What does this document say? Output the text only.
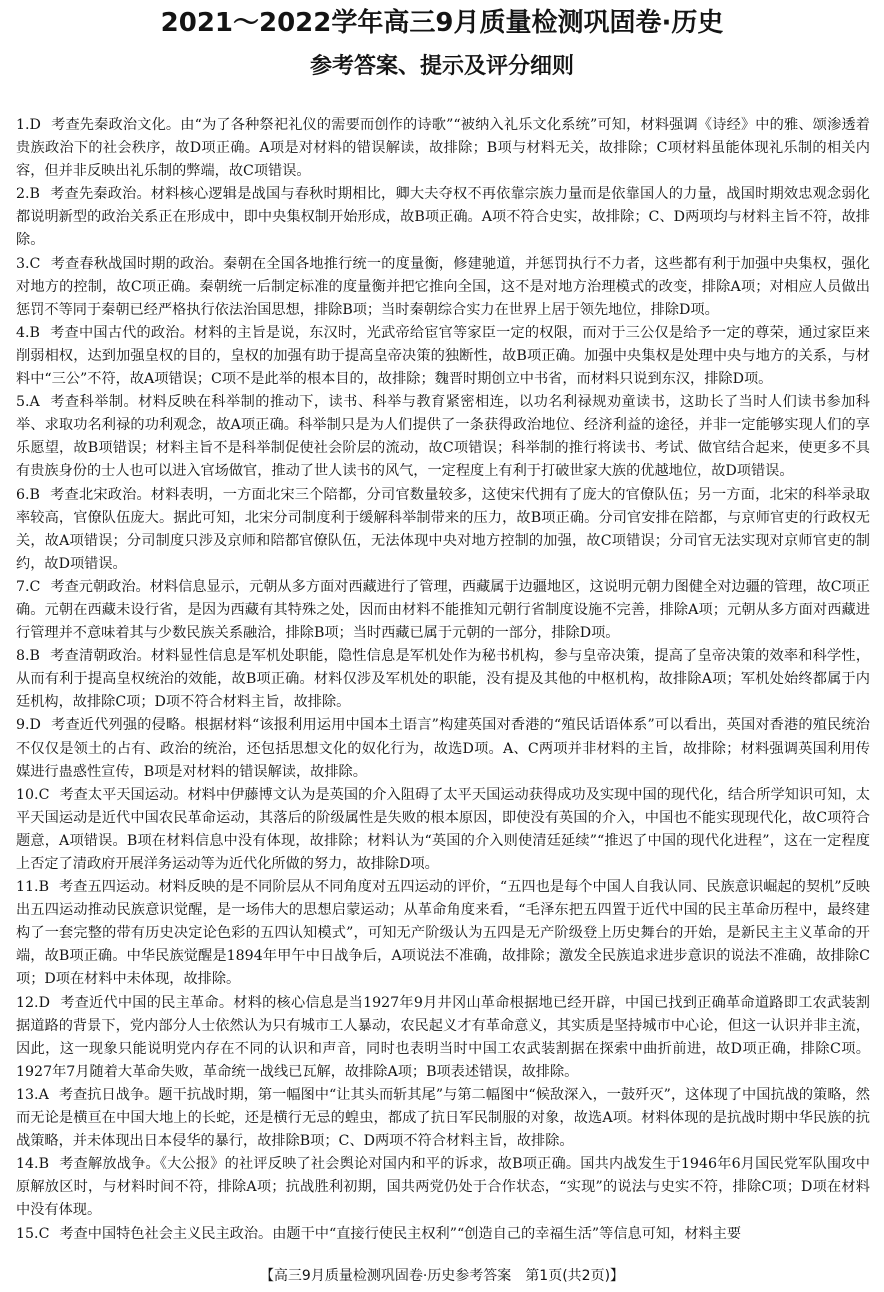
2021～2022学年高三9月质量检测巩固卷·历史
参考答案、提示及评分细则

1.D 考查先秦政治文化。由“为了各种祭祀礼仪的需要而创作的诗歌”“被纳入礼乐文化系统”可知，材料强调《诗经》中的雅、颂渗透着贵族政治下的社会秩序，故D项正确。A项是对材料的错误解读，故排除；B项与材料无关，故排除；C项材料虽能体现礼乐制的相关内容，但并非反映出礼乐制的弊端，故C项错误。

2.B 考查先秦政治。材料核心逻辑是战国与春秋时期相比，卿大夫夺权不再依靠宗族力量而是依靠国人的力量，战国时期效忠观念弱化都说明新型的政治关系正在形成中，即中央集权制开始形成，故B项正确。A项不符合史实，故排除；C、D两项均与材料主旨不符，故排除。

3.C 考查春秋战国时期的政治。秦朝在全国各地推行统一的度量衡，修建驰道，并惩罚执行不力者，这些都有利于加强中央集权，强化对地方的控制，故C项正确。秦朝统一后制定标准的度量衡并把它推向全国，这不是对地方治理模式的改变，排除A项；对相应人员做出惩罚不等同于秦朝已经严格执行依法治国思想，排除B项；当时秦朝综合实力在世界上居于领先地位，排除D项。

4.B 考查中国古代的政治。材料的主旨是说，东汉时，光武帝给宦官等家臣一定的权限，而对于三公仅是给予一定的尊荣，通过家臣来削弱相权，达到加强皇权的目的，皇权的加强有助于提高皇帝决策的独断性，故B项正确。加强中央集权是处理中央与地方的关系，与材料中“三公”不符，故A项错误；C项不是此举的根本目的，故排除；魏晋时期创立中书省，而材料只说到东汉，排除D项。

5.A 考查科举制。材料反映在科举制的推动下，读书、科举与教育紧密相连，以功名利禄规劝童读书，这助长了当时人们读书参加科举、求取功名利禄的功利观念，故A项正确。科举制只是为人们提供了一条获得政治地位、经济利益的途径，并非一定能够实现人们的享乐愿望，故B项错误；材料主旨不是科举制促使社会阶层的流动，故C项错误；科举制的推行将读书、考试、做官结合起来，使更多不具有贵族身份的士人也可以进入官场做官，推动了世人读书的风气，一定程度上有利于打破世家大族的优越地位，故D项错误。

6.B 考查北宋政治。材料表明，一方面北宋三个陪都，分司官数量较多，这使宋代拥有了庞大的官僚队伍；另一方面，北宋的科举录取率较高，官僚队伍庞大。据此可知，北宋分司制度利于缓解科举制带来的压力，故B项正确。分司官安排在陪都，与京师官吏的行政权无关，故A项错误；分司制度只涉及京师和陪都官僚队伍，无法体现中央对地方控制的加强，故C项错误；分司官无法实现对京师官吏的制约，故D项错误。

7.C 考查元朝政治。材料信息显示，元朝从多方面对西藏进行了管理，西藏属于边疆地区，这说明元朝力图健全对边疆的管理，故C项正确。元朝在西藏未设行省，是因为西藏有其特殊之处，因而由材料不能推知元朝行省制度设施不完善，排除A项；元朝从多方面对西藏进行管理并不意味着其与少数民族关系融洽，排除B项；当时西藏已属于元朝的一部分，排除D项。

8.B 考查清朝政治。材料显性信息是军机处职能，隐性信息是军机处作为秘书机构，参与皇帝决策，提高了皇帝决策的效率和科学性，从而有利于提高皇权统治的效能，故B项正确。材料仅涉及军机处的职能，没有提及其他的中枢机构，故排除A项；军机处始终都属于内廷机构，故排除C项；D项不符合材料主旨，故排除。

9.D 考查近代列强的侵略。根据材料“该报利用运用中国本土语言”构建英国对香港的“殖民话语体系”可以看出，英国对香港的殖民统治不仅仅是领土的占有、政治的统治，还包括思想文化的奴化行为，故选D项。A、C两项并非材料的主旨，故排除；材料强调英国利用传媒进行蛊惑性宣传，B项是对材料的错误解读，故排除。

10.C 考查太平天国运动。材料中伊藤博文认为是英国的介入阻碍了太平天国运动获得成功及实现中国的现代化，结合所学知识可知，太平天国运动是近代中国农民革命运动，其落后的阶级属性是失败的根本原因，即使没有英国的介入，中国也不能实现现代化，故C项符合题意，A项错误。B项在材料信息中没有体现，故排除；材料认为“英国的介入则使清廷延续”“推迟了中国的现代化进程”，这在一定程度上否定了清政府开展洋务运动等为近代化所做的努力，故排除D项。

11.B 考查五四运动。材料反映的是不同阶层从不同角度对五四运动的评价，“五四也是每个中国人自我认同、民族意识崛起的契机”反映出五四运动推动民族意识觉醒，是一场伟大的思想启蒙运动；从革命角度来看，“毛泽东把五四置于近代中国的民主革命历程中，最终建构了一套完整的带有历史决定论色彩的五四认知模式”，可知无产阶级认为五四是无产阶级登上历史舞台的开始，是新民主主义革命的开端，故B项正确。中华民族觉醒是1894年甲午中日战争后，A项说法不准确，故排除；激发全民族追求进步意识的说法不准确，故排除C项；D项在材料中未体现，故排除。

12.D 考查近代中国的民主革命。材料的核心信息是当1927年9月井冈山革命根据地已经开辟，中国已找到正确革命道路即工农武装割据道路的背景下，党内部分人士依然认为只有城市工人暴动，农民起义才有革命意义，其实质是坚持城市中心论，但这一认识并非主流，因此，这一现象只能说明党内存在不同的认识和声音，同时也表明当时中国工农武装割据在探索中曲折前进，故D项正确，排除C项。1927年7月随着大革命失败，革命统一战线已瓦解，故排除A项；B项表述错误，故排除。

13.A 考查抗日战争。题干抗战时期，第一幅图中“让其头而斩其尾”与第二幅图中“候敌深入，一鼓歼灭”，这体现了中国抗战的策略，然而无论是横亘在中国大地上的长蛇，还是横行无忌的蝗虫，都成了抗日军民制服的对象，故选A项。材料体现的是抗战时期中华民族的抗战策略，并未体现出日本侵华的暴行，故排除B项；C、D两项不符合材料主旨，故排除。

14.B 考查解放战争。《大公报》的社评反映了社会舆论对国内和平的诉求，故B项正确。国共内战发生于1946年6月国民党军队围攻中原解放区时，与材料时间不符，排除A项；抗战胜利初期，国共两党仍处于合作状态，“实现”的说法与史实不符，排除C项；D项在材料中没有体现。

15.C 考查中国特色社会主义民主政治。由题干中“直接行使民主权利”“创造自己的幸福生活”等信息可知，材料主要

【高三9月质量检测巩固卷·历史参考答案　第1页(共2页)】
